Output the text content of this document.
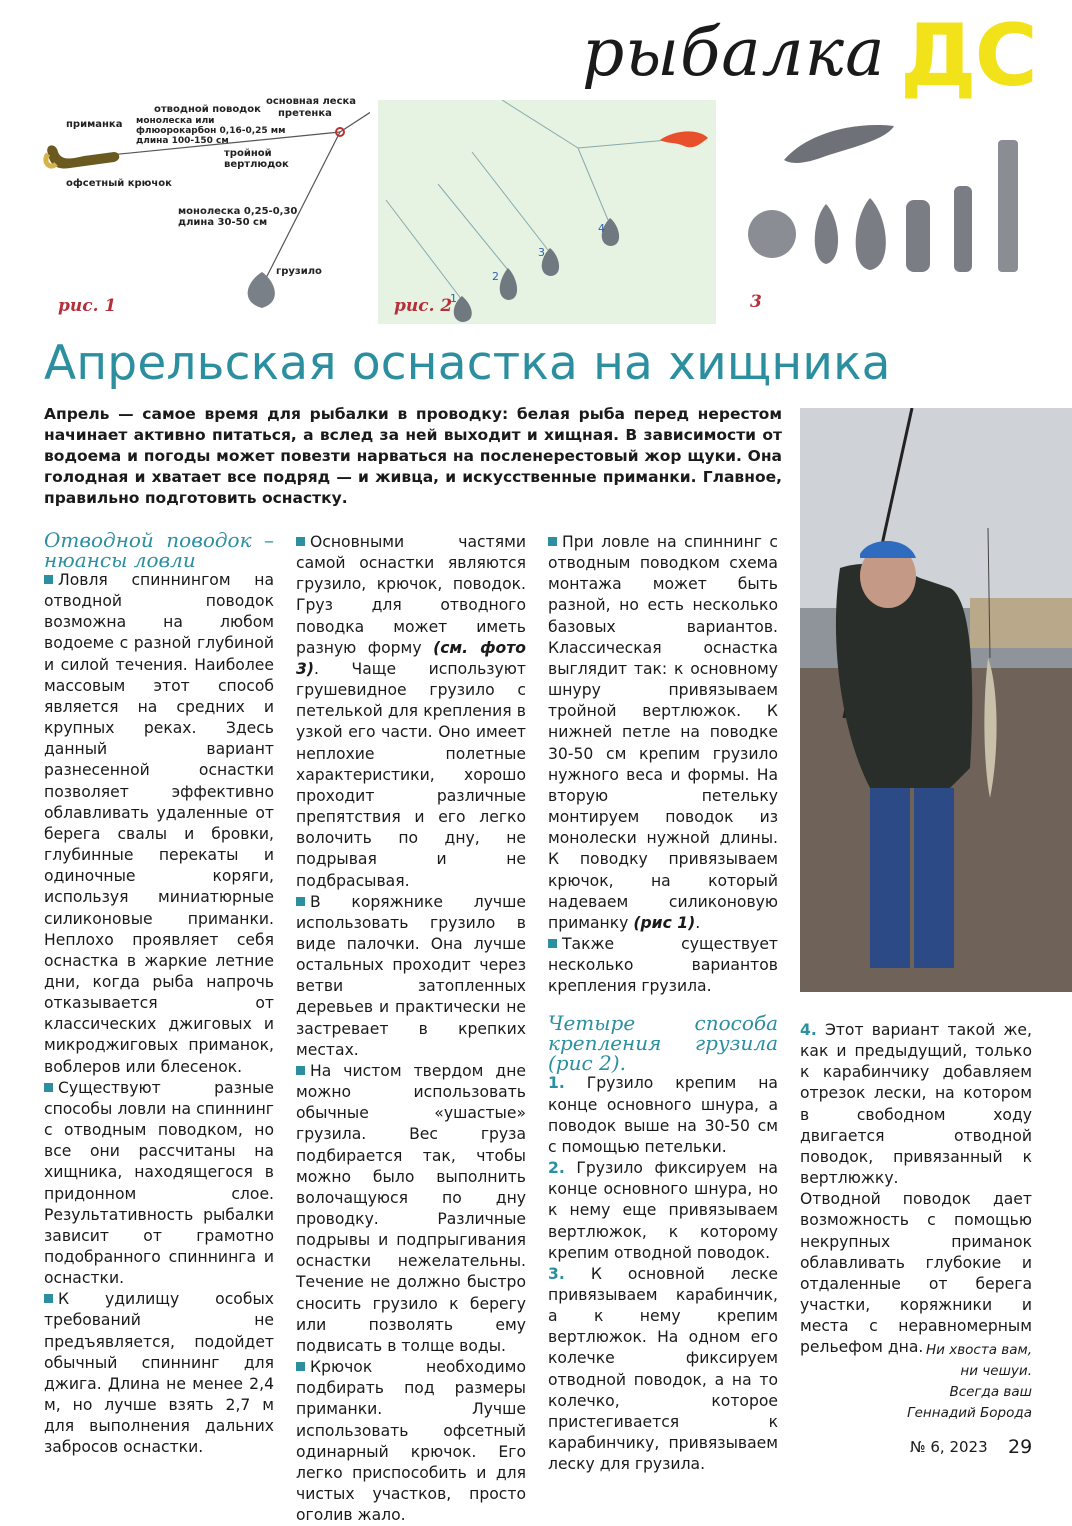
рыбалка ДС
приманка
отводной поводок
монолеска или флюорокарбон 0,16-0,25 мм длина 100-150 см
основная леска
претенка
тройной вертлюдок
офсетный крючок
монолеска 0,25-0,30 длина 30-50 см
грузило
рис. 1	1
2
3
4
рис. 2	3
Апрельская оснастка на хищника
Апрель — самое время для рыбалки в проводку: белая рыба перед нерестом начинает активно питаться, а вслед за ней выходит и хищная. В зависимости от водоема и погоды может повезти нарваться на посленерестовый жор щуки. Она голодная и хватает все подряд — и живца, и искусственные приманки. Главное, правильно подготовить оснастку.

Отводной поводок – нюансы ловли

Ловля спиннингом на отводной поводок возможна на любом водоеме с разной глубиной и силой течения. Наиболее массовым этот способ является на средних и крупных реках. Здесь данный вариант разнесенной оснастки позволяет эффективно облавливать удаленные от берега свалы и бровки, глубинные перекаты и одиночные коряги, используя миниатюрные силиконовые приманки. Неплохо проявляет себя оснастка в жаркие летние дни, когда рыба напрочь отказывается от классических джиговых и микроджиговых приманок, воблеров или блесенок.

Существуют разные способы ловли на спиннинг с отводным поводком, но все они рассчитаны на хищника, находящегося в придонном слое. Результативность рыбалки зависит от грамотно подобранного спиннинга и оснастки.

К удилищу особых требований не предъявляется, подойдет обычный спиннинг для джига. Длина не менее 2,4 м, но лучше взять 2,7 м для выполнения дальних забросов оснастки.

Основными частями самой оснастки являются грузило, крючок, поводок. Груз для отводного поводка может иметь разную форму (см. фото 3). Чаще используют грушевидное грузило с петелькой для крепления в узкой его части. Оно имеет неплохие полетные характеристики, хорошо проходит различные препятствия и его легко волочить по дну, не подрывая и не подбрасывая.

В коряжнике лучше использовать грузило в виде палочки. Она лучше остальных проходит через ветви затопленных деревьев и практически не застревает в крепких местах.

На чистом твердом дне можно использовать обычные «ушастые» грузила. Вес груза подбирается так, чтобы можно было выполнить волочащуюся по дну проводку. Различные подрывы и подпрыгивания оснастки нежелательны. Течение не должно быстро сносить грузило к берегу или позволять ему подвисать в толще воды.

Крючок необходимо подбирать под размеры приманки. Лучше использовать офсетный одинарный крючок. Его легко приспособить и для чистых участков, просто оголив жало.

При ловле на спиннинг с отводным поводком схема монтажа может быть разной, но есть несколько базовых вариантов. Классическая оснастка выглядит так: к основному шнуру привязываем тройной вертлюжок. К нижней петле на поводке 30-50 см крепим грузило нужного веса и формы. На вторую петельку монтируем поводок из монолески нужной длины. К поводку привязываем крючок, на который надеваем силиконовую приманку (рис 1).

Также существует несколько вариантов крепления грузила.

Четыре способа крепления грузила (рис 2).

1. Грузило крепим на конце основного шнура, а поводок выше на 30-50 см с помощью петельки.

2. Грузило фиксируем на конце основного шнура, но к нему еще привязываем вертлюжок, к которому крепим отводной поводок.

3. К основной леске привязываем карабинчик, а к нему крепим вертлюжок. На одном его колечке фиксируем отводной поводок, а на то колечко, которое пристегивается к карабинчику, привязываем леску для грузила.

4. Этот вариант такой же, как и предыдущий, только к карабинчику добавляем отрезок лески, на котором в свободном ходу двигается отводной поводок, привязанный к вертлюжку.

Отводной поводок дает возможность с помощью некрупных приманок облавливать глубокие и отдаленные от берега участки, коряжники и места с неравномерным рельефом дна. Ни хвоста вам,
ни чешуи.
Всегда ваш
Геннадий Борода
№ 6, 2023 29
